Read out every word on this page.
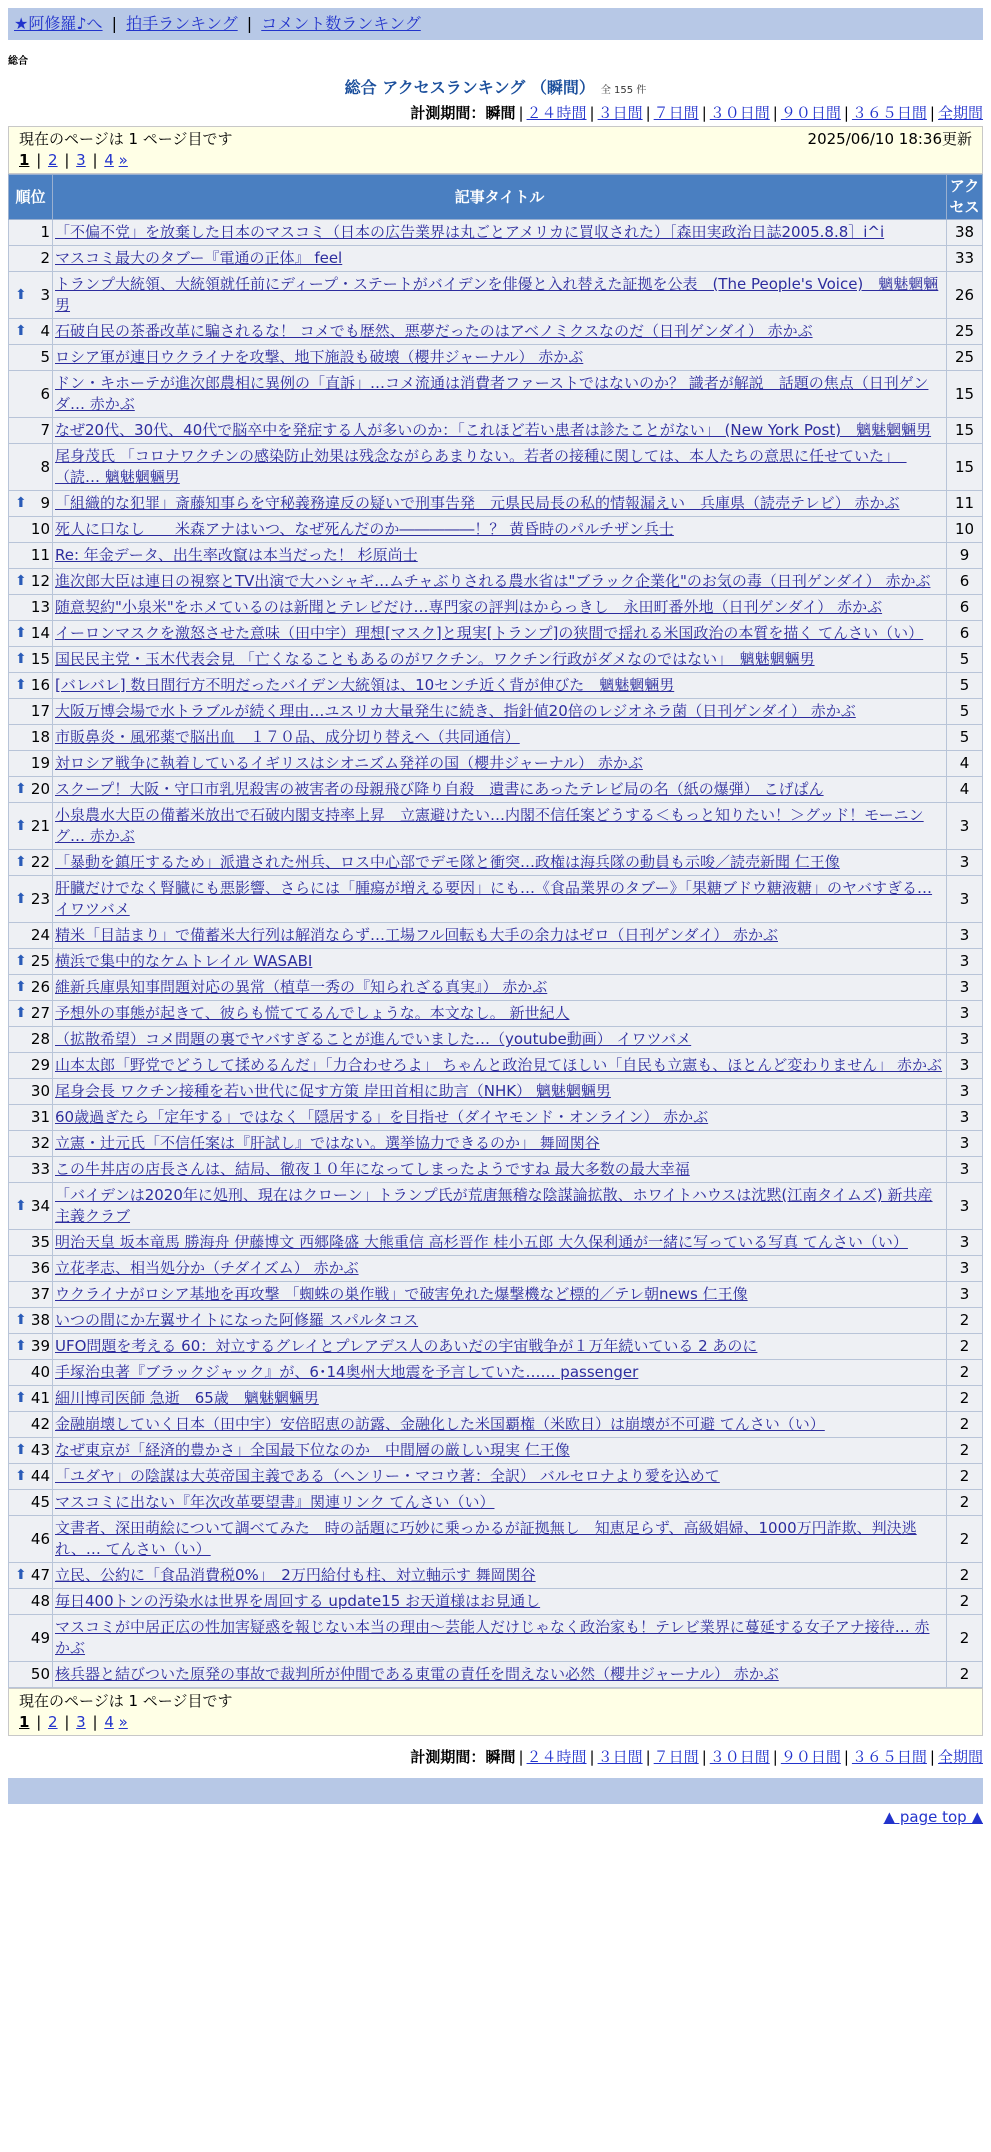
★阿修羅♪へ | 拍手ランキング | コメント数ランキング
総合
総合 アクセスランキング （瞬間） 全 155 件
計測期間：瞬間 | ２４時間 | ３日間 | ７日間 | ３０日間 | ９０日間 | ３６５日間 | 全期間
現在のページは 1 ページ目です	2025/06/10 18:36更新
1 | 2 | 3 | 4 »
順位	記事タイトル	アクセス
1	「不偏不党」を放棄した日本のマスコミ（日本の広告業界は丸ごとアメリカに買収された）［森田実政治日誌2005.8.8］i^i	38
2	マスコミ最大のタブー『電通の正体』 feel	33

⬆ 3	トランプ大統領、大統領就任前にディープ・ステートがバイデンを俳優と入れ替えた証拠を公表　(The People's Voice)　魑魅魍魎男	26

⬆ 4	石破自民の茶番改革に騙されるな！ コメでも歴然、悪夢だったのはアベノミクスなのだ（日刊ゲンダイ） 赤かぶ	25
5	ロシア軍が連日ウクライナを攻撃、地下施設も破壊（櫻井ジャーナル） 赤かぶ	25
6	ドン・キホーテが進次郎農相に異例の「直訴」…コメ流通は消費者ファーストではないのか？ 識者が解説　話題の焦点（日刊ゲンダ… 赤かぶ	15
7	なぜ20代、30代、40代で脳卒中を発症する人が多いのか：「これほど若い患者は診たことがない」 (New York Post)　魑魅魍魎男	15
8	尾身茂氏 「コロナワクチンの感染防止効果は残念ながらあまりない。若者の接種に関しては、本人たちの意思に任せていた」　（読… 魑魅魍魎男	15

⬆ 9	「組織的な犯罪」斎藤知事らを守秘義務違反の疑いで刑事告発　元県民局長の私的情報漏えい　兵庫県（読売テレビ） 赤かぶ	11
10	死人に口なし　　米森アナはいつ、なぜ死んだのか―――――！？ 黄昏時のパルチザン兵士	10
11	Re: 年金データ、出生率改竄は本当だった！ 杉原尚士	9

⬆ 12	進次郎大臣は連日の視察とTV出演で大ハシャギ…ムチャぶりされる農水省は"ブラック企業化"のお気の毒（日刊ゲンダイ） 赤かぶ	6
13	随意契約"小泉米"をホメているのは新聞とテレビだけ…専門家の評判はからっきし　永田町番外地（日刊ゲンダイ） 赤かぶ	6

⬆ 14	イーロンマスクを激怒させた意味（田中宇）理想[マスク]と現実[トランプ]の狭間で揺れる米国政治の本質を描く てんさい（い）	6

⬆ 15	国民民主党・玉木代表会見 「亡くなることもあるのがワクチン。ワクチン行政がダメなのではない」　魑魅魍魎男	5

⬆ 16	[バレバレ] 数日間行方不明だったバイデン大統領は、10センチ近く背が伸びた　魑魅魍魎男	5
17	大阪万博会場で水トラブルが続く理由…ユスリカ大量発生に続き、指針値20倍のレジオネラ菌（日刊ゲンダイ） 赤かぶ	5
18	市販鼻炎・風邪薬で脳出血　１７０品、成分切り替えへ（共同通信）	5
19	対ロシア戦争に執着しているイギリスはシオニズム発祥の国（櫻井ジャーナル） 赤かぶ	4

⬆ 20	スクープ！大阪・守口市乳児殺害の被害者の母親飛び降り自殺　遺書にあったテレビ局の名（紙の爆弾） こげぱん	4

⬆ 21	小泉農水大臣の備蓄米放出で石破内閣支持率上昇　立憲避けたい…内閣不信任案どうする＜もっと知りたい！＞グッド！モーニング… 赤かぶ	3

⬆ 22	「暴動を鎮圧するため」派遣された州兵、ロス中心部でデモ隊と衝突…政権は海兵隊の動員も示唆／読売新聞 仁王像	3

⬆ 23	肝臓だけでなく腎臓にも悪影響、さらには「腫瘍が増える要因」にも…《食品業界のタブー》「果糖ブドウ糖液糖」のヤバすぎる… イワツバメ	3
24	精米「目詰まり」で備蓄米大行列は解消ならず…工場フル回転も大手の余力はゼロ（日刊ゲンダイ） 赤かぶ	3

⬆ 25	横浜で集中的なケムトレイル WASABI	3

⬆ 26	維新兵庫県知事問題対応の異常（植草一秀の『知られざる真実』） 赤かぶ	3

⬆ 27	予想外の事態が起きて、彼らも慌ててるんでしょうな。本文なし。 新世紀人	3
28	（拡散希望）コメ問題の裏でヤバすぎることが進んでいました…（youtube動画） イワツバメ	3
29	山本太郎「野党でどうして揉めるんだ」「力合わせろよ」 ちゃんと政治見てほしい「自民も立憲も、ほとんど変わりません」 赤かぶ	3
30	尾身会長 ワクチン接種を若い世代に促す方策 岸田首相に助言（NHK） 魑魅魍魎男	3
31	60歳過ぎたら「定年する」ではなく「隠居する」を目指せ（ダイヤモンド・オンライン） 赤かぶ	3
32	立憲・辻元氏「不信任案は『肝試し』ではない。選挙協力できるのか」 舞岡関谷	3
33	この牛丼店の店長さんは、結局、徹夜１０年になってしまったようですね 最大多数の最大幸福	3

⬆ 34	「バイデンは2020年に処刑、現在はクローン」トランプ氏が荒唐無稽な陰謀論拡散、ホワイトハウスは沈黙(江南タイムズ) 新共産主義クラブ	3
35	明治天皇 坂本竜馬 勝海舟 伊藤博文 西郷隆盛 大熊重信 高杉晋作 桂小五郎 大久保利通が一緒に写っている写真 てんさい（い）	3
36	立花孝志、相当処分か（チダイズム） 赤かぶ	3
37	ウクライナがロシア基地を再攻撃 「蜘蛛の巣作戦」で破害免れた爆撃機など標的／テレ朝news 仁王像	3

⬆ 38	いつの間にか左翼サイトになった阿修羅 スパルタコス	2

⬆ 39	UFO問題を考える 60：対立するグレイとプレアデス人のあいだの宇宙戦争が１万年続いている 2 あのに	2
40	手塚治虫著『ブラックジャック』が、6･14奥州大地震を予言していた…… passenger	2

⬆ 41	細川博司医師 急逝　65歳　魑魅魍魎男	2
42	金融崩壊していく日本（田中宇）安倍昭恵の訪露、金融化した米国覇権（米欧日）は崩壊が不可避 てんさい（い）	2

⬆ 43	なぜ東京が「経済的豊かさ」全国最下位なのか　中間層の厳しい現実 仁王像	2

⬆ 44	「ユダヤ」の陰謀は大英帝国主義である（ヘンリー・マコウ著：全訳） バルセロナより愛を込めて	2
45	マスコミに出ない『年次改革要望書』関連リンク てんさい（い）	2
46	文書者、深田萌絵について調べてみた　時の話題に巧妙に乗っかるが証拠無し　知恵足らず、高級娼婦、1000万円詐欺、判決逃れ、… てんさい（い）	2

⬆ 47	立民、公約に「食品消費税0%」　2万円給付も柱、対立軸示す 舞岡関谷	2
48	毎日400トンの汚染水は世界を周回する update15 お天道様はお見通し	2
49	マスコミが中居正広の性加害疑惑を報じない本当の理由〜芸能人だけじゃなく政治家も！テレビ業界に蔓延する女子アナ接待… 赤かぶ	2
50	核兵器と結びついた原発の事故で裁判所が仲間である東電の責任を問えない必然（櫻井ジャーナル） 赤かぶ	2
現在のページは 1 ページ目です
1 | 2 | 3 | 4 »
計測期間：瞬間 | ２４時間 | ３日間 | ７日間 | ３０日間 | ９０日間 | ３６５日間 | 全期間
▲ page top ▲
